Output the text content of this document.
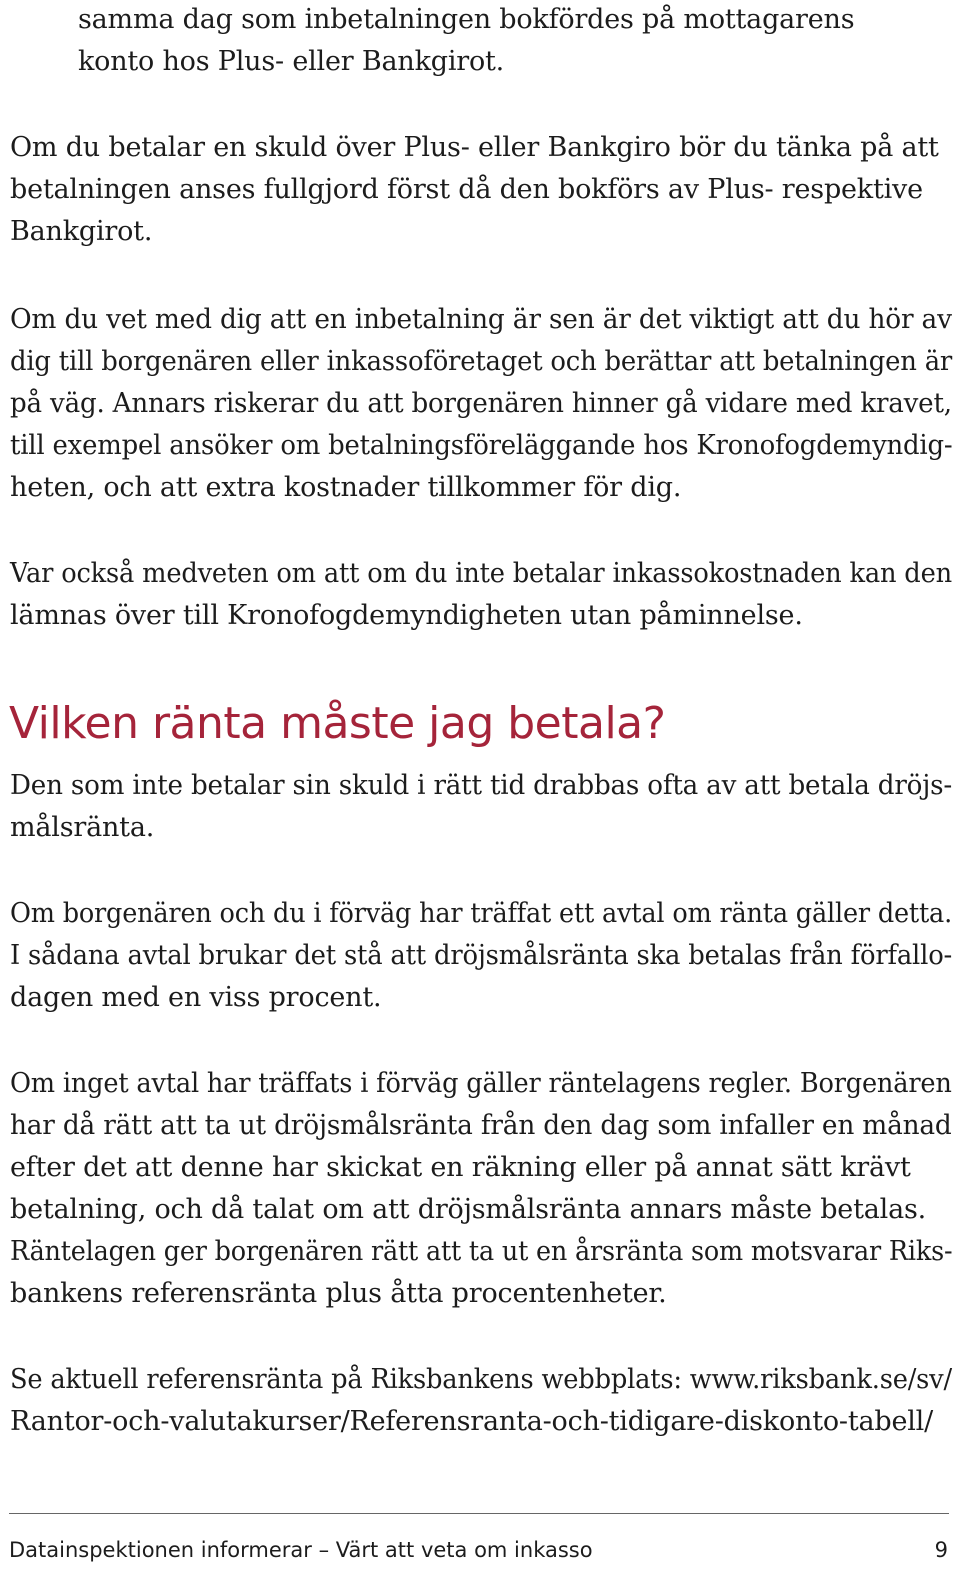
samma dag som inbetalningen bokfördes på mottagarens
konto hos Plus- eller Bankgirot.
Om du betalar en skuld över Plus- eller Bankgiro bör du tänka på att
betalningen anses fullgjord först då den bokförs av Plus- respektive
Bankgirot.
Om du vet med dig att en inbetalning är sen är det viktigt att du hör av
dig till borgenären eller inkassoföretaget och berättar att betalningen är
på väg. Annars riskerar du att borgenären hinner gå vidare med kravet,
till exempel ansöker om betalningsföreläggande hos Kronofogdemyndig-
heten, och att extra kostnader tillkommer för dig.
Var också medveten om att om du inte betalar inkassokostnaden kan den
lämnas över till Kronofogdemyndigheten utan påminnelse.
Vilken ränta måste jag betala?
Den som inte betalar sin skuld i rätt tid drabbas ofta av att betala dröjs-
målsränta.
Om borgenären och du i förväg har träffat ett avtal om ränta gäller detta.
I sådana avtal brukar det stå att dröjsmålsränta ska betalas från förfallo-
dagen med en viss procent.
Om inget avtal har träffats i förväg gäller räntelagens regler. Borgenären
har då rätt att ta ut dröjsmålsränta från den dag som infaller en månad
efter det att denne har skickat en räkning eller på annat sätt krävt
betalning, och då talat om att dröjsmålsränta annars måste betalas.
Räntelagen ger borgenären rätt att ta ut en årsränta som motsvarar Riks-
bankens referensränta plus åtta procentenheter.
Se aktuell referensränta på Riksbankens webbplats: www.riksbank.se/sv/
Rantor-och-valutakurser/Referensranta-och-tidigare-diskonto-tabell/
Datainspektionen informerar – Värt att veta om inkasso	9
